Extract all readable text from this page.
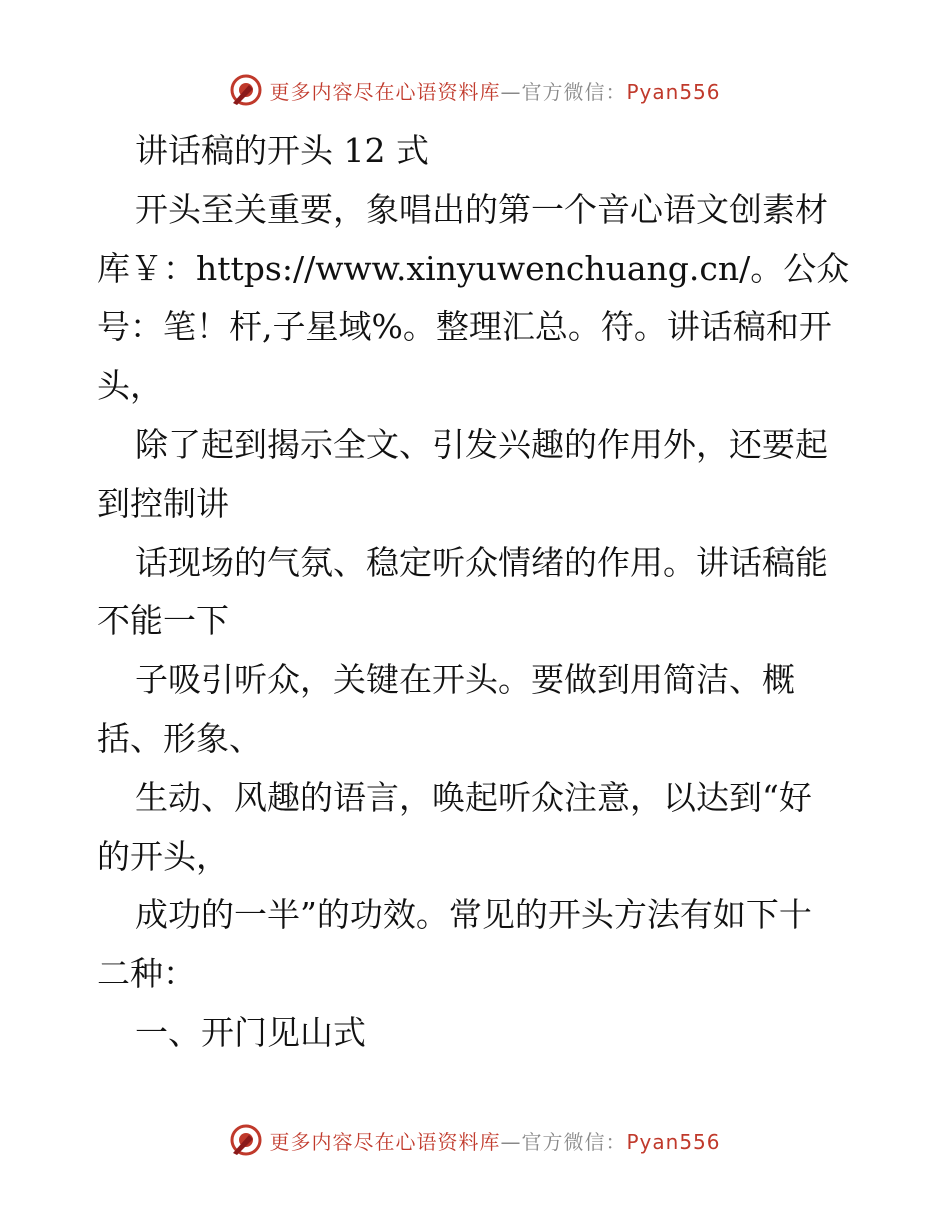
更多内容尽在心语资料库—官方微信：Pyan556
讲话稿的开头 12 式
开头至关重要，象唱出的第一个音心语文创素材
库￥：https://www.xinyuwenchuang.cn/。公众
号：笔！杆,子星域%。整理汇总。符。讲话稿和开
头，
除了起到揭示全文、引发兴趣的作用外，还要起
到控制讲
话现场的气氛、稳定听众情绪的作用。讲话稿能
不能一下
子吸引听众，关键在开头。要做到用简洁、概
括、形象、
生动、风趣的语言，唤起听众注意，以达到“好
的开头，
成功的一半”的功效。常见的开头方法有如下十
二种：
一、开门见山式
更多内容尽在心语资料库—官方微信：Pyan556
